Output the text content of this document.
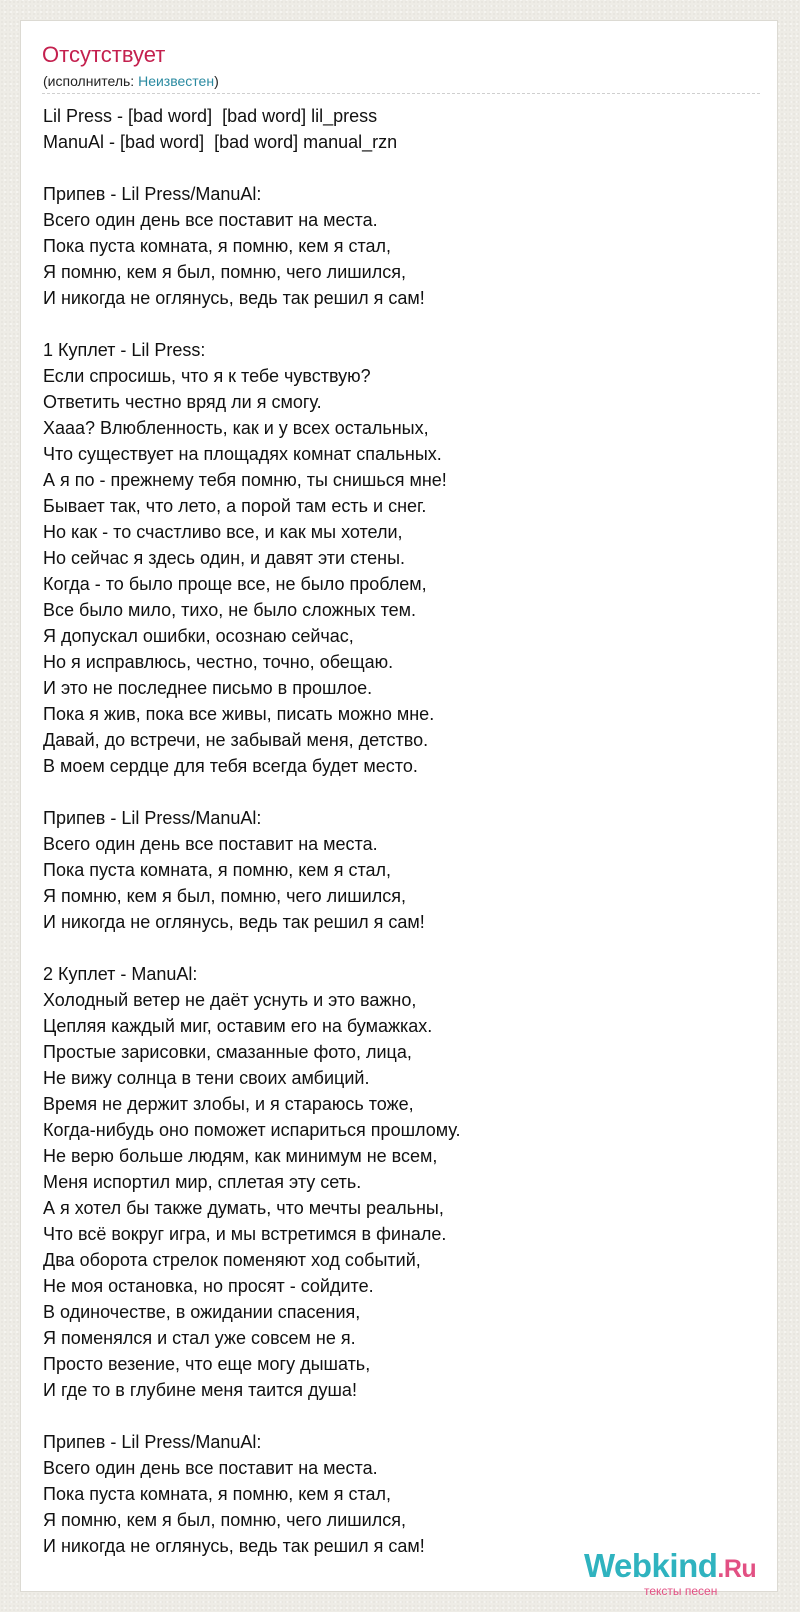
Отсутствует
(исполнитель: Неизвестен)
Lil Press - [bad word]  [bad word] lil_press
ManuAl - [bad word]  [bad word] manual_rzn

Припев - Lil Press/ManuAl:
Всего один день все поставит на места.
Пока пуста комната, я помню, кем я стал,
Я помню, кем я был, помню, чего лишился,
И никогда не оглянусь, ведь так решил я сам!

1 Куплет - Lil Press:
Если спросишь, что я к тебе чувствую?
Ответить честно вряд ли я смогу.
Хааа? Влюбленность, как и у всех остальных,
Что существует на площадях комнат спальных.
А я по - прежнему тебя помню, ты снишься мне!
Бывает так, что лето, а порой там есть и снег.
Но как - то счастливо все, и как мы хотели,
Но сейчас я здесь один, и давят эти стены.
Когда - то было проще все, не было проблем,
Все было мило, тихо, не было сложных тем.
Я допускал ошибки, осознаю сейчас,
Но я исправлюсь, честно, точно, обещаю.
И это не последнее письмо в прошлое.
Пока я жив, пока все живы, писать можно мне.
Давай, до встречи, не забывай меня, детство.
В моем сердце для тебя всегда будет место.

Припев - Lil Press/ManuAl:
Всего один день все поставит на места.
Пока пуста комната, я помню, кем я стал,
Я помню, кем я был, помню, чего лишился,
И никогда не оглянусь, ведь так решил я сам!

2 Куплет - ManuAl:
Холодный ветер не даёт уснуть и это важно,
Цепляя каждый миг, оставим его на бумажках.
Простые зарисовки, смазанные фото, лица,
Не вижу солнца в тени своих амбиций.
Время не держит злобы, и я стараюсь тоже,
Когда-нибудь оно поможет испариться прошлому.
Не верю больше людям, как минимум не всем,
Меня испортил мир, сплетая эту сеть.
А я хотел бы также думать, что мечты реальны,
Что всё вокруг игра, и мы встретимся в финале.
Два оборота стрелок поменяют ход событий,
Не моя остановка, но просят - сойдите.
В одиночестве, в ожидании спасения,
Я поменялся и стал уже совсем не я.
Просто везение, что еще могу дышать,
И где то в глубине меня таится душа!

Припев - Lil Press/ManuAl:
Всего один день все поставит на места.
Пока пуста комната, я помню, кем я стал,
Я помню, кем я был, помню, чего лишился,
И никогда не оглянусь, ведь так решил я сам!
Webkind.Ru
тексты песен
